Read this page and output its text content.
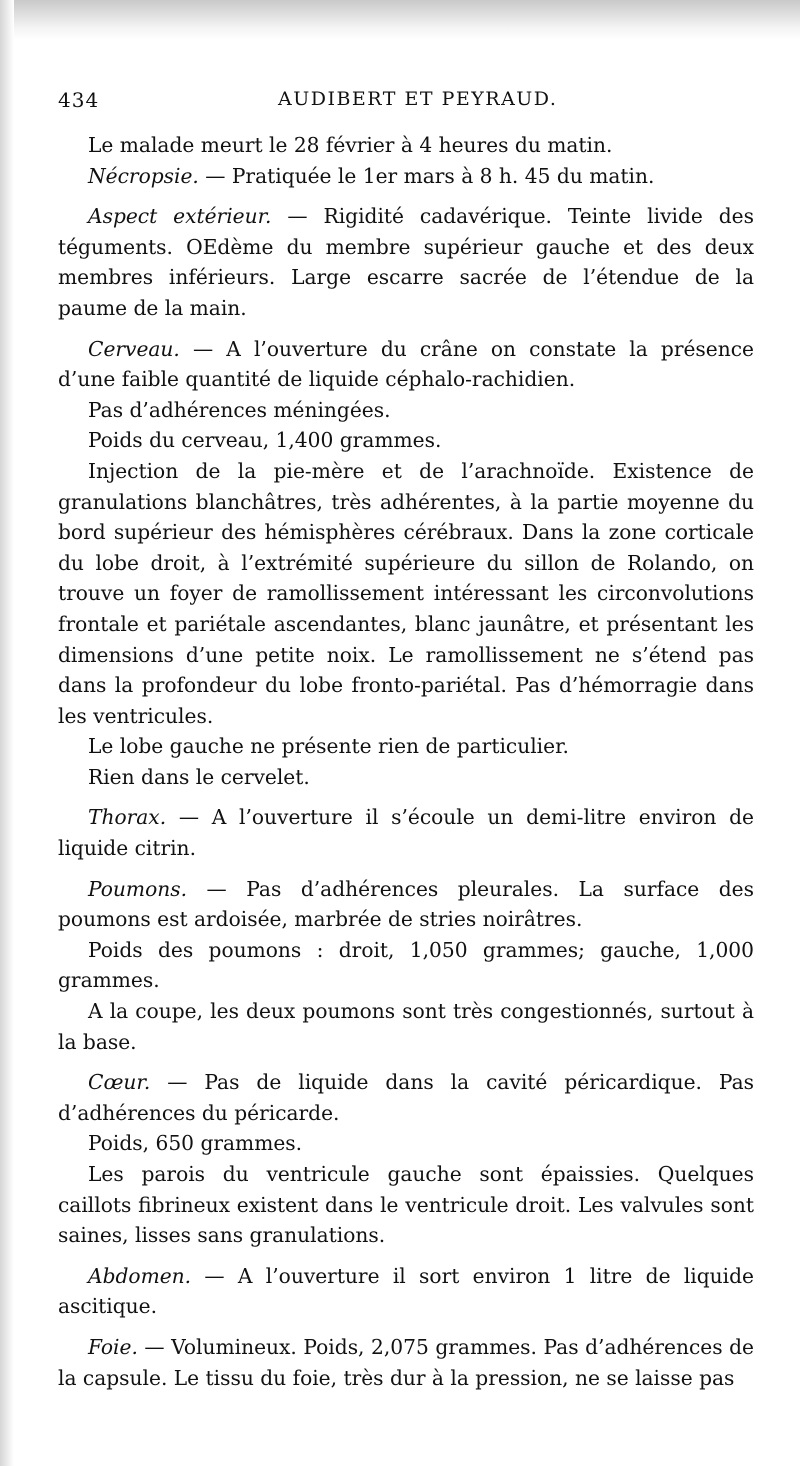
434	AUDIBERT ET PEYRAUD.

Le malade meurt le 28 février à 4 heures du matin.

Nécropsie. — Pratiquée le 1er mars à 8 h. 45 du matin.

Aspect extérieur. — Rigidité cadavérique. Teinte livide des téguments. OEdème du membre supérieur gauche et des deux membres inférieurs. Large escarre sacrée de l’étendue de la paume de la main.

Cerveau. — A l’ouverture du crâne on constate la présence d’une faible quantité de liquide céphalo-rachidien.

Pas d’adhérences méningées.

Poids du cerveau, 1,400 grammes.

Injection de la pie-mère et de l’arachnoïde. Existence de granulations blanchâtres, très adhérentes, à la partie moyenne du bord supérieur des hémisphères cérébraux. Dans la zone corticale du lobe droit, à l’extrémité supérieure du sillon de Rolando, on trouve un foyer de ramollissement intéressant les circonvolutions frontale et pariétale ascendantes, blanc jaunâtre, et présentant les dimensions d’une petite noix. Le ramollissement ne s’étend pas dans la profondeur du lobe fronto-pariétal. Pas d’hémorragie dans les ventricules.

Le lobe gauche ne présente rien de particulier.

Rien dans le cervelet.

Thorax. — A l’ouverture il s’écoule un demi-litre environ de liquide citrin.

Poumons. — Pas d’adhérences pleurales. La surface des poumons est ardoisée, marbrée de stries noirâtres.

Poids des poumons : droit, 1,050 grammes; gauche, 1,000 grammes.

A la coupe, les deux poumons sont très congestionnés, surtout à la base.

Cœur. — Pas de liquide dans la cavité péricardique. Pas d’adhérences du péricarde.

Poids, 650 grammes.

Les parois du ventricule gauche sont épaissies. Quelques caillots fibrineux existent dans le ventricule droit. Les valvules sont saines, lisses sans granulations.

Abdomen. — A l’ouverture il sort environ 1 litre de liquide ascitique.

Foie. — Volumineux. Poids, 2,075 grammes. Pas d’adhérences de la capsule. Le tissu du foie, très dur à la pression, ne se laisse pas
